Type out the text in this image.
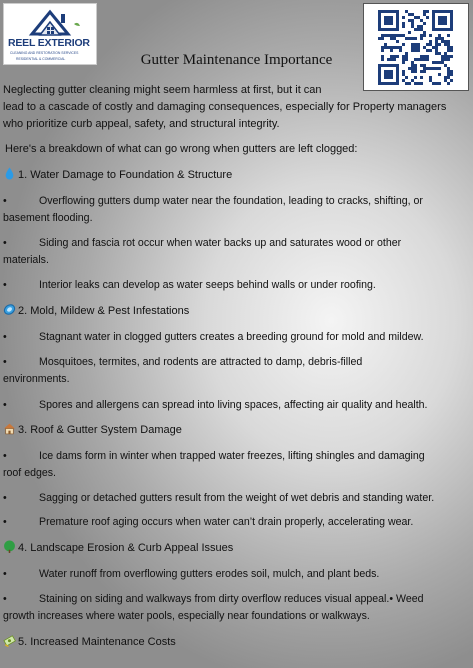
REEL EXTERIOR
CLEANING AND RESTORATION SERVICES
RESIDENTIAL & COMMERCIAL	Gutter Maintenance Importance
Neglecting gutter cleaning might seem harmless at first, but it can
lead to a cascade of costly and damaging consequences, especially for Property managers
who prioritize curb appeal, safety, and structural integrity.
Here's a breakdown of what can go wrong when gutters are left clogged:
1. Water Damage to Foundation & Structure
•	Overflowing gutters dump water near the foundation, leading to cracks, shifting, or
basement flooding.
•	Siding and fascia rot occur when water backs up and saturates wood or other
materials.
•	Interior leaks can develop as water seeps behind walls or under roofing.
2. Mold, Mildew & Pest Infestations
•	Stagnant water in clogged gutters creates a breeding ground for mold and mildew.
•	Mosquitoes, termites, and rodents are attracted to damp, debris-filled
environments.
•	Spores and allergens can spread into living spaces, affecting air quality and health.
3. Roof & Gutter System Damage
•	Ice dams form in winter when trapped water freezes, lifting shingles and damaging
roof edges.
•	Sagging or detached gutters result from the weight of wet debris and standing water.
•	Premature roof aging occurs when water can’t drain properly, accelerating wear.
4. Landscape Erosion & Curb Appeal Issues
•	Water runoff from overflowing gutters erodes soil, mulch, and plant beds.
•	Staining on siding and walkways from dirty overflow reduces visual appeal.• Weed
growth increases where water pools, especially near foundations or walkways.
5. Increased Maintenance Costs
